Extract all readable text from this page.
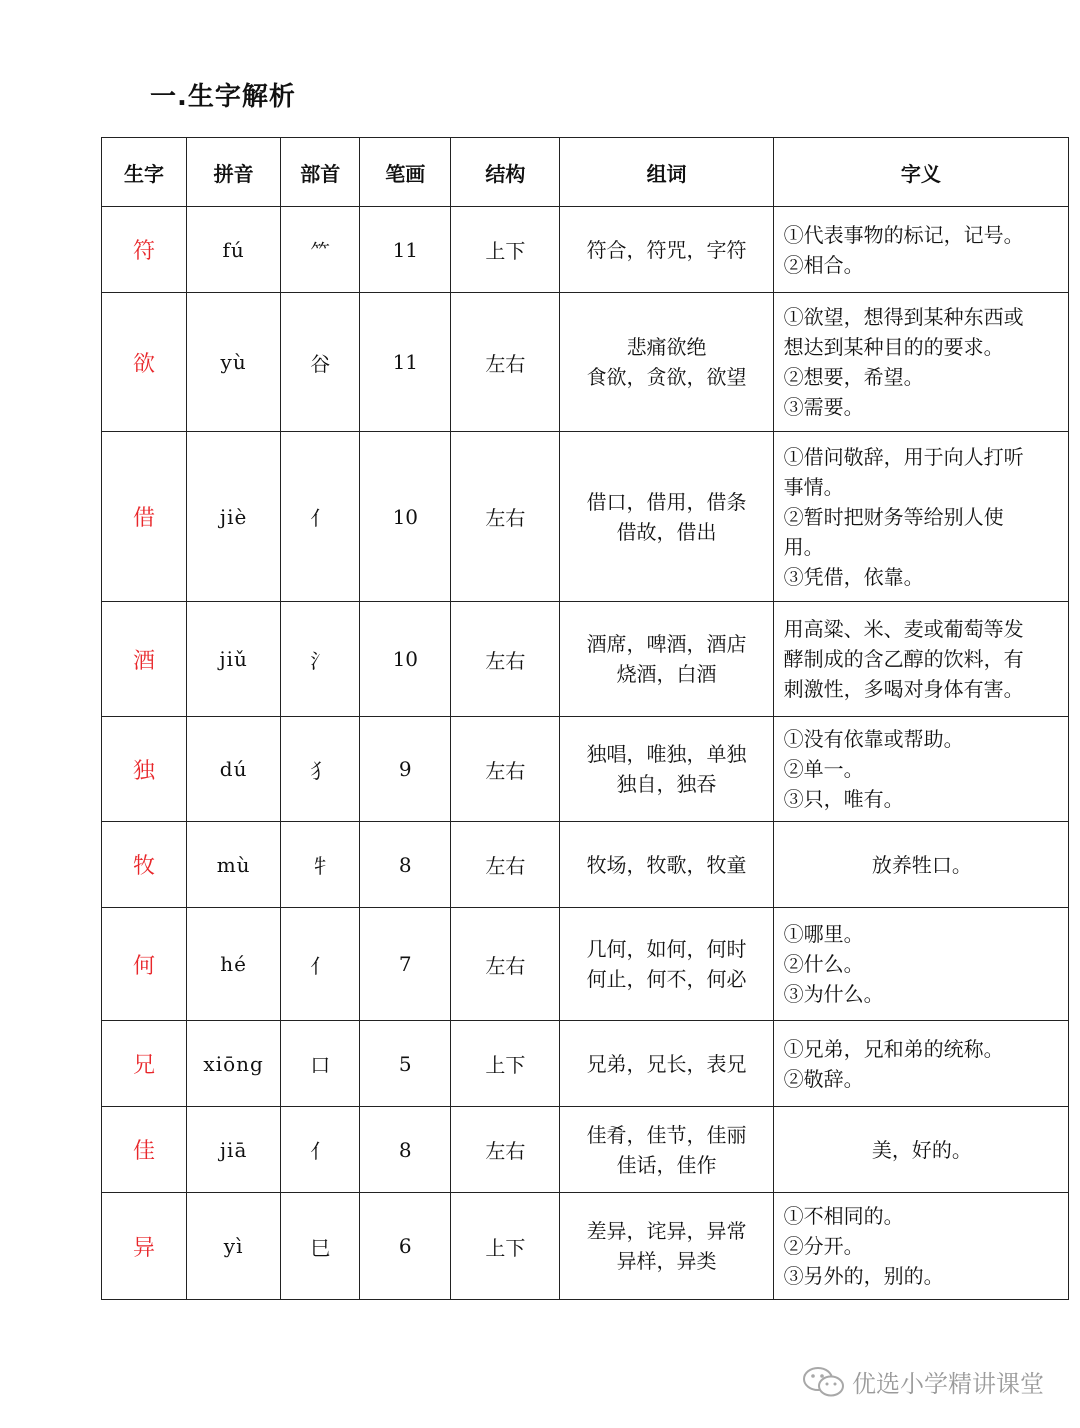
一.生字解析
生字	拼音	部首	笔画	结构	组词	字义
符	fú	⺮	11	上下	符合，符咒，字符	①代表事物的标记，记号。
②相合。

欲	yù	谷	11	左右	悲痛欲绝
食欲，贪欲，欲望	①欲望，想得到某种东西或
想达到某种目的的要求。
②想要，希望。
③需要。

借	jiè	亻	10	左右	借口，借用，借条
借故，借出	①借问敬辞，用于向人打听
事情。
②暂时把财务等给别人使
用。
③凭借，依靠。

酒	jiǔ	氵	10	左右	酒席，啤酒，酒店
烧酒，白酒	用高粱、米、麦或葡萄等发
酵制成的含乙醇的饮料，有
刺激性，多喝对身体有害。

独	dú	犭	9	左右	独唱，唯独，单独
独自，独吞	①没有依靠或帮助。
②单一。
③只，唯有。

牧	mù	牜	8	左右	牧场，牧歌，牧童	放养牲口。

何	hé	亻	7	左右	几何，如何，何时
何止，何不，何必	①哪里。
②什么。
③为什么。

兄	xiōng	口	5	上下	兄弟，兄长，表兄	①兄弟，兄和弟的统称。
②敬辞。

佳	jiā	亻	8	左右	佳肴，佳节，佳丽
佳话，佳作	美，好的。

异	yì	巳	6	上下	差异，诧异，异常
异样，异类	①不相同的。
②分开。
③另外的，别的。
优选小学精讲课堂
